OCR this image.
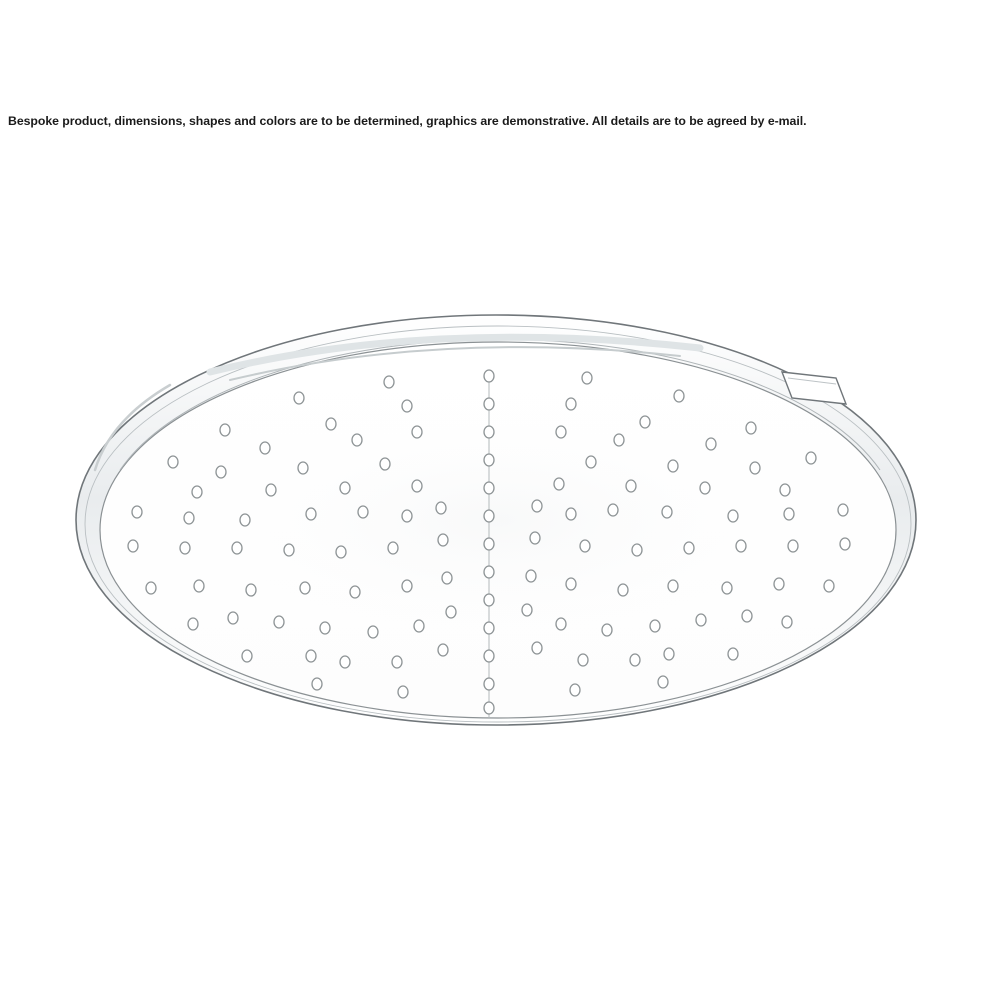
Bespoke product, dimensions, shapes and colors are to be determined, graphics are demonstrative. All details are to be agreed by e-mail.
